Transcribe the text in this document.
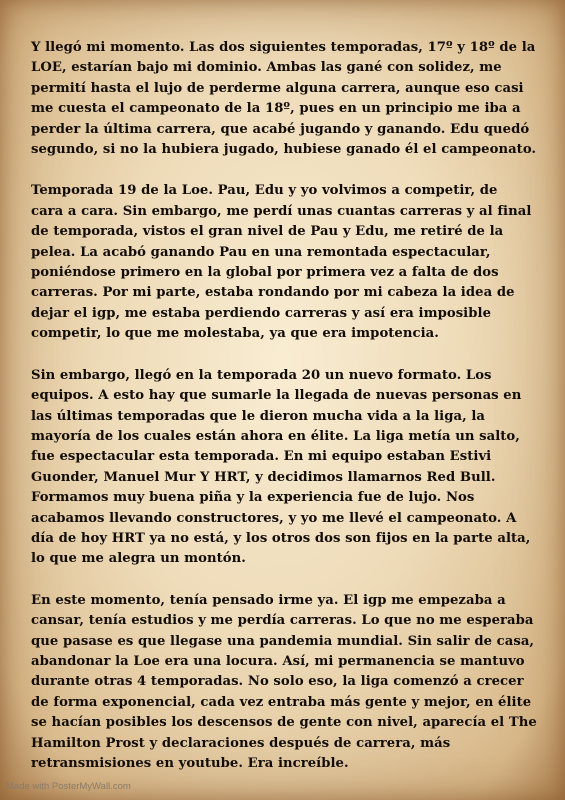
Y llegó mi momento. Las dos siguientes temporadas, 17º y 18º de la
LOE, estarían bajo mi dominio. Ambas las gané con solidez, me
permití hasta el lujo de perderme alguna carrera, aunque eso casi
me cuesta el campeonato de la 18º, pues en un principio me iba a
perder la última carrera, que acabé jugando y ganando. Edu quedó
segundo, si no la hubiera jugado, hubiese ganado él el campeonato.
Temporada 19 de la Loe. Pau, Edu y yo volvimos a competir, de
cara a cara. Sin embargo, me perdí unas cuantas carreras y al final
de temporada, vistos el gran nivel de Pau y Edu, me retiré de la
pelea. La acabó ganando Pau en una remontada espectacular,
poniéndose primero en la global por primera vez a falta de dos
carreras. Por mi parte, estaba rondando por mi cabeza la idea de
dejar el igp, me estaba perdiendo carreras y así era imposible
competir, lo que me molestaba, ya que era impotencia.
Sin embargo, llegó en la temporada 20 un nuevo formato. Los
equipos. A esto hay que sumarle la llegada de nuevas personas en
las últimas temporadas que le dieron mucha vida a la liga, la
mayoría de los cuales están ahora en élite. La liga metía un salto,
fue espectacular esta temporada. En mi equipo estaban Estivi
Guonder, Manuel Mur Y HRT, y decidimos llamarnos Red Bull.
Formamos muy buena piña y la experiencia fue de lujo. Nos
acabamos llevando constructores, y yo me llevé el campeonato. A
día de hoy HRT ya no está, y los otros dos son fijos en la parte alta,
lo que me alegra un montón.
En este momento, tenía pensado irme ya. El igp me empezaba a
cansar, tenía estudios y me perdía carreras. Lo que no me esperaba
que pasase es que llegase una pandemia mundial. Sin salir de casa,
abandonar la Loe era una locura. Así, mi permanencia se mantuvo
durante otras 4 temporadas. No solo eso, la liga comenzó a crecer
de forma exponencial, cada vez entraba más gente y mejor, en élite
se hacían posibles los descensos de gente con nivel, aparecía el The
Hamilton Prost y declaraciones después de carrera, más
retransmisiones en youtube. Era increíble.
Made with PosterMyWall.com
